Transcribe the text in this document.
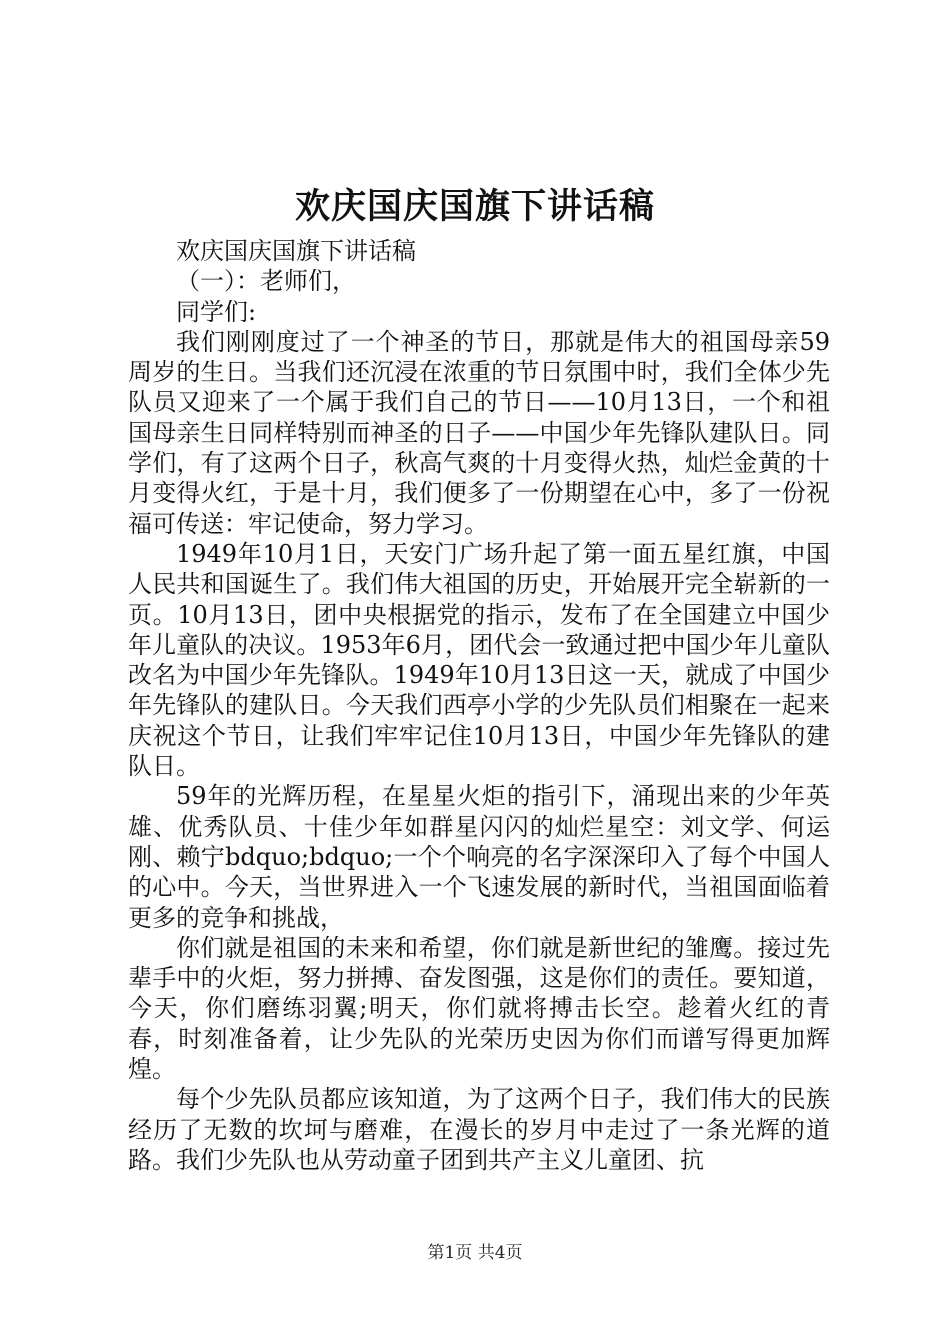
欢庆国庆国旗下讲话稿

欢庆国庆国旗下讲话稿

（一）：老师们，

同学们:

我们刚刚度过了一个神圣的节日，那就是伟大的祖国母亲59周岁的生日。当我们还沉浸在浓重的节日氛围中时，我们全体少先队员又迎来了一个属于我们自己的节日——10月13日，一个和祖国母亲生日同样特别而神圣的日子——中国少年先锋队建队日。同学们，有了这两个日子，秋高气爽的十月变得火热，灿烂金黄的十月变得火红，于是十月，我们便多了一份期望在心中，多了一份祝福可传送：牢记使命，努力学习。

1949年10月1日，天安门广场升起了第一面五星红旗，中国人民共和国诞生了。我们伟大祖国的历史，开始展开完全崭新的一页。10月13日，团中央根据党的指示，发布了在全国建立中国少年儿童队的决议。1953年6月，团代会一致通过把中国少年儿童队改名为中国少年先锋队。1949年10月13日这一天，就成了中国少年先锋队的建队日。今天我们西亭小学的少先队员们相聚在一起来庆祝这个节日，让我们牢牢记住10月13日，中国少年先锋队的建队日。

59年的光辉历程，在星星火炬的指引下，涌现出来的少年英雄、优秀队员、十佳少年如群星闪闪的灿烂星空：刘文学、何运刚、赖宁bdquo;bdquo;一个个响亮的名字深深印入了每个中国人的心中。今天，当世界进入一个飞速发展的新时代，当祖国面临着更多的竞争和挑战，

你们就是祖国的未来和希望，你们就是新世纪的雏鹰。接过先辈手中的火炬，努力拼搏、奋发图强，这是你们的责任。要知道，今天，你们磨练羽翼;明天，你们就将搏击长空。趁着火红的青春，时刻准备着，让少先队的光荣历史因为你们而谱写得更加辉煌。

每个少先队员都应该知道，为了这两个日子，我们伟大的民族经历了无数的坎坷与磨难，在漫长的岁月中走过了一条光辉的道路。我们少先队也从劳动童子团到共产主义儿童团、抗

第1页 共4页
